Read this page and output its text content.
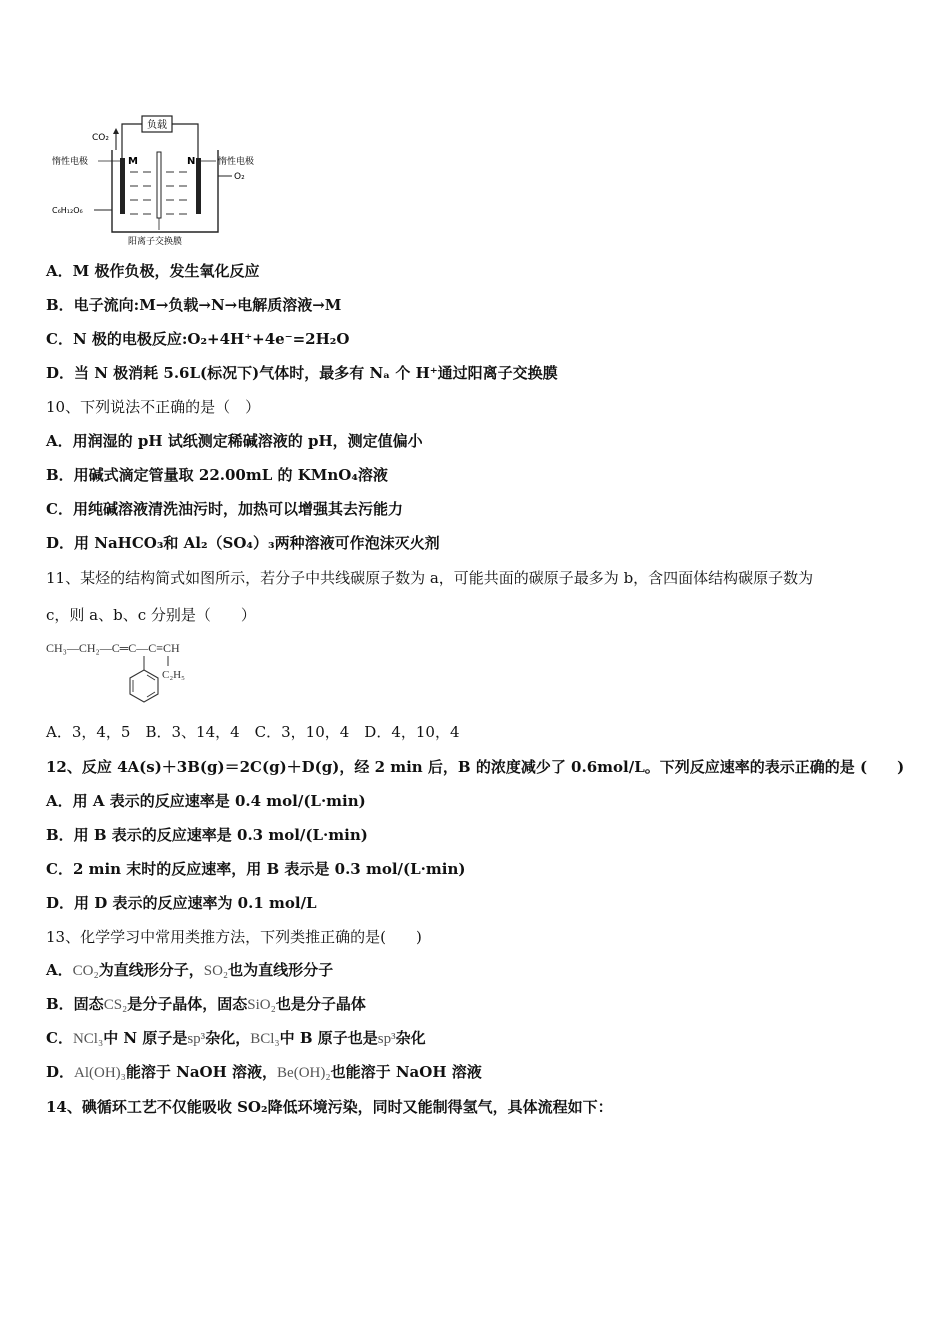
负载
CO₂
惰性电极	M	N	惰性电极
O₂
C₆H₁₂O₆
阳离子交换膜
A．M 极作负极，发生氧化反应
B．电子流向:M→负载→N→电解质溶液→M
C．N 极的电极反应:O₂+4H⁺+4e⁻=2H₂O
D．当 N 极消耗 5.6L(标况下)气体时，最多有 Nₐ 个 H⁺通过阳离子交换膜
10、下列说法不正确的是（　）
A．用润湿的 pH 试纸测定稀碱溶液的 pH，测定值偏小
B．用碱式滴定管量取 22.00mL 的 KMnO₄溶液
C．用纯碱溶液清洗油污时，加热可以增强其去污能力
D．用 NaHCO₃和 Al₂（SO₄）₃两种溶液可作泡沫灭火剂
11、某烃的结构简式如图所示，若分子中共线碳原子数为 a，可能共面的碳原子最多为 b，含四面体结构碳原子数为
c，则 a、b、c 分别是（　　）
CH₃—CH₂—C═C—C≡CH
C₂H₅
A．3，4，5　B．3、14，4　C．3，10，4　D．4，10，4
12、反应 4A(s)＋3B(g)＝2C(g)＋D(g)，经 2 min 后，B 的浓度减少了 0.6mol/L。下列反应速率的表示正确的是 (　　)
A．用 A 表示的反应速率是 0.4 mol/(L·min)
B．用 B 表示的反应速率是 0.3 mol/(L·min)
C．2 min 末时的反应速率，用 B 表示是 0.3 mol/(L·min)
D．用 D 表示的反应速率为 0.1 mol/L
13、化学学习中常用类推方法，下列类推正确的是(　　)
A．CO₂为直线形分子，SO₂也为直线形分子
B．固态CS₂是分子晶体，固态SiO₂也是分子晶体
C．NCl₃中 N 原子是sp³杂化，BCl₃中 B 原子也是sp³杂化
D．Al(OH)₃能溶于 NaOH 溶液，Be(OH)₂也能溶于 NaOH 溶液
14、碘循环工艺不仅能吸收 SO₂降低环境污染，同时又能制得氢气，具体流程如下：
